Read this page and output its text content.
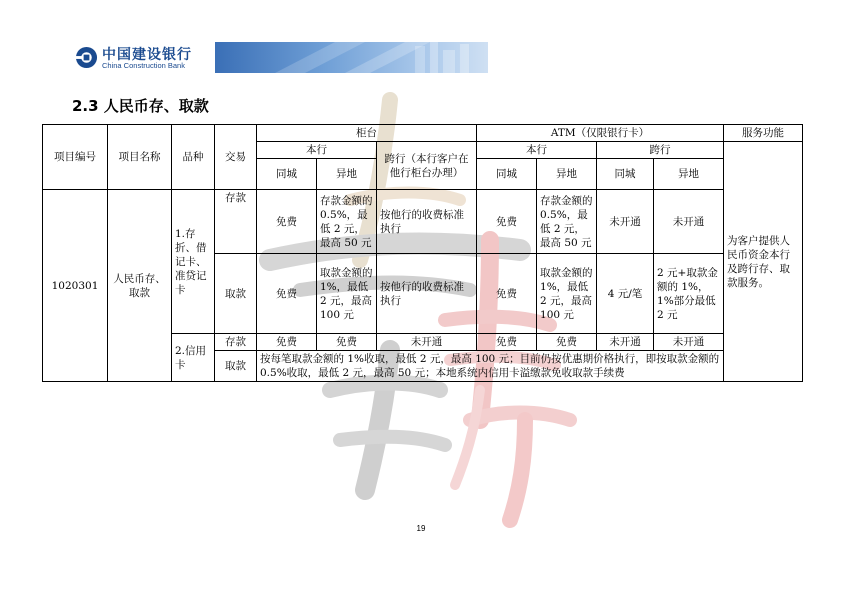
中国建设银行
China Construction Bank
2.3 人民币存、取款
项目编号	项目名称	品种	交易	柜台			ATM（仅限银行卡）				服务功能
				本行		跨行（本行客户在他行柜台办理）	本行		跨行		为客户提供人民币资金本行及跨行存、取款服务。
				同城	异地		同城	异地	同城	异地	
1020301	人民币存、取款	1.存折、借记卡、准贷记卡	存款	免费	存款金额的 0.5%，最低 2 元，最高 50 元	按他行的收费标准执行	免费	存款金额的 0.5%，最低 2 元，最高 50 元	未开通	未开通	
			取款	免费	取款金额的 1%，最低 2 元，最高 100 元	按他行的收费标准执行	免费	取款金额的 1%，最低 2 元，最高 100 元	4 元/笔	2 元+取款金额的 1%，1%部分最低 2 元	
		2.信用卡	存款	免费	免费	未开通	免费	免费	未开通	未开通	
			取款	按每笔取款金额的 1%收取，最低 2 元，最高 100 元；目前仍按优惠期价格执行，即按取款金额的 0.5%收取，最低 2 元，最高 50 元；本地系统内信用卡溢缴款免收取款手续费							
19
